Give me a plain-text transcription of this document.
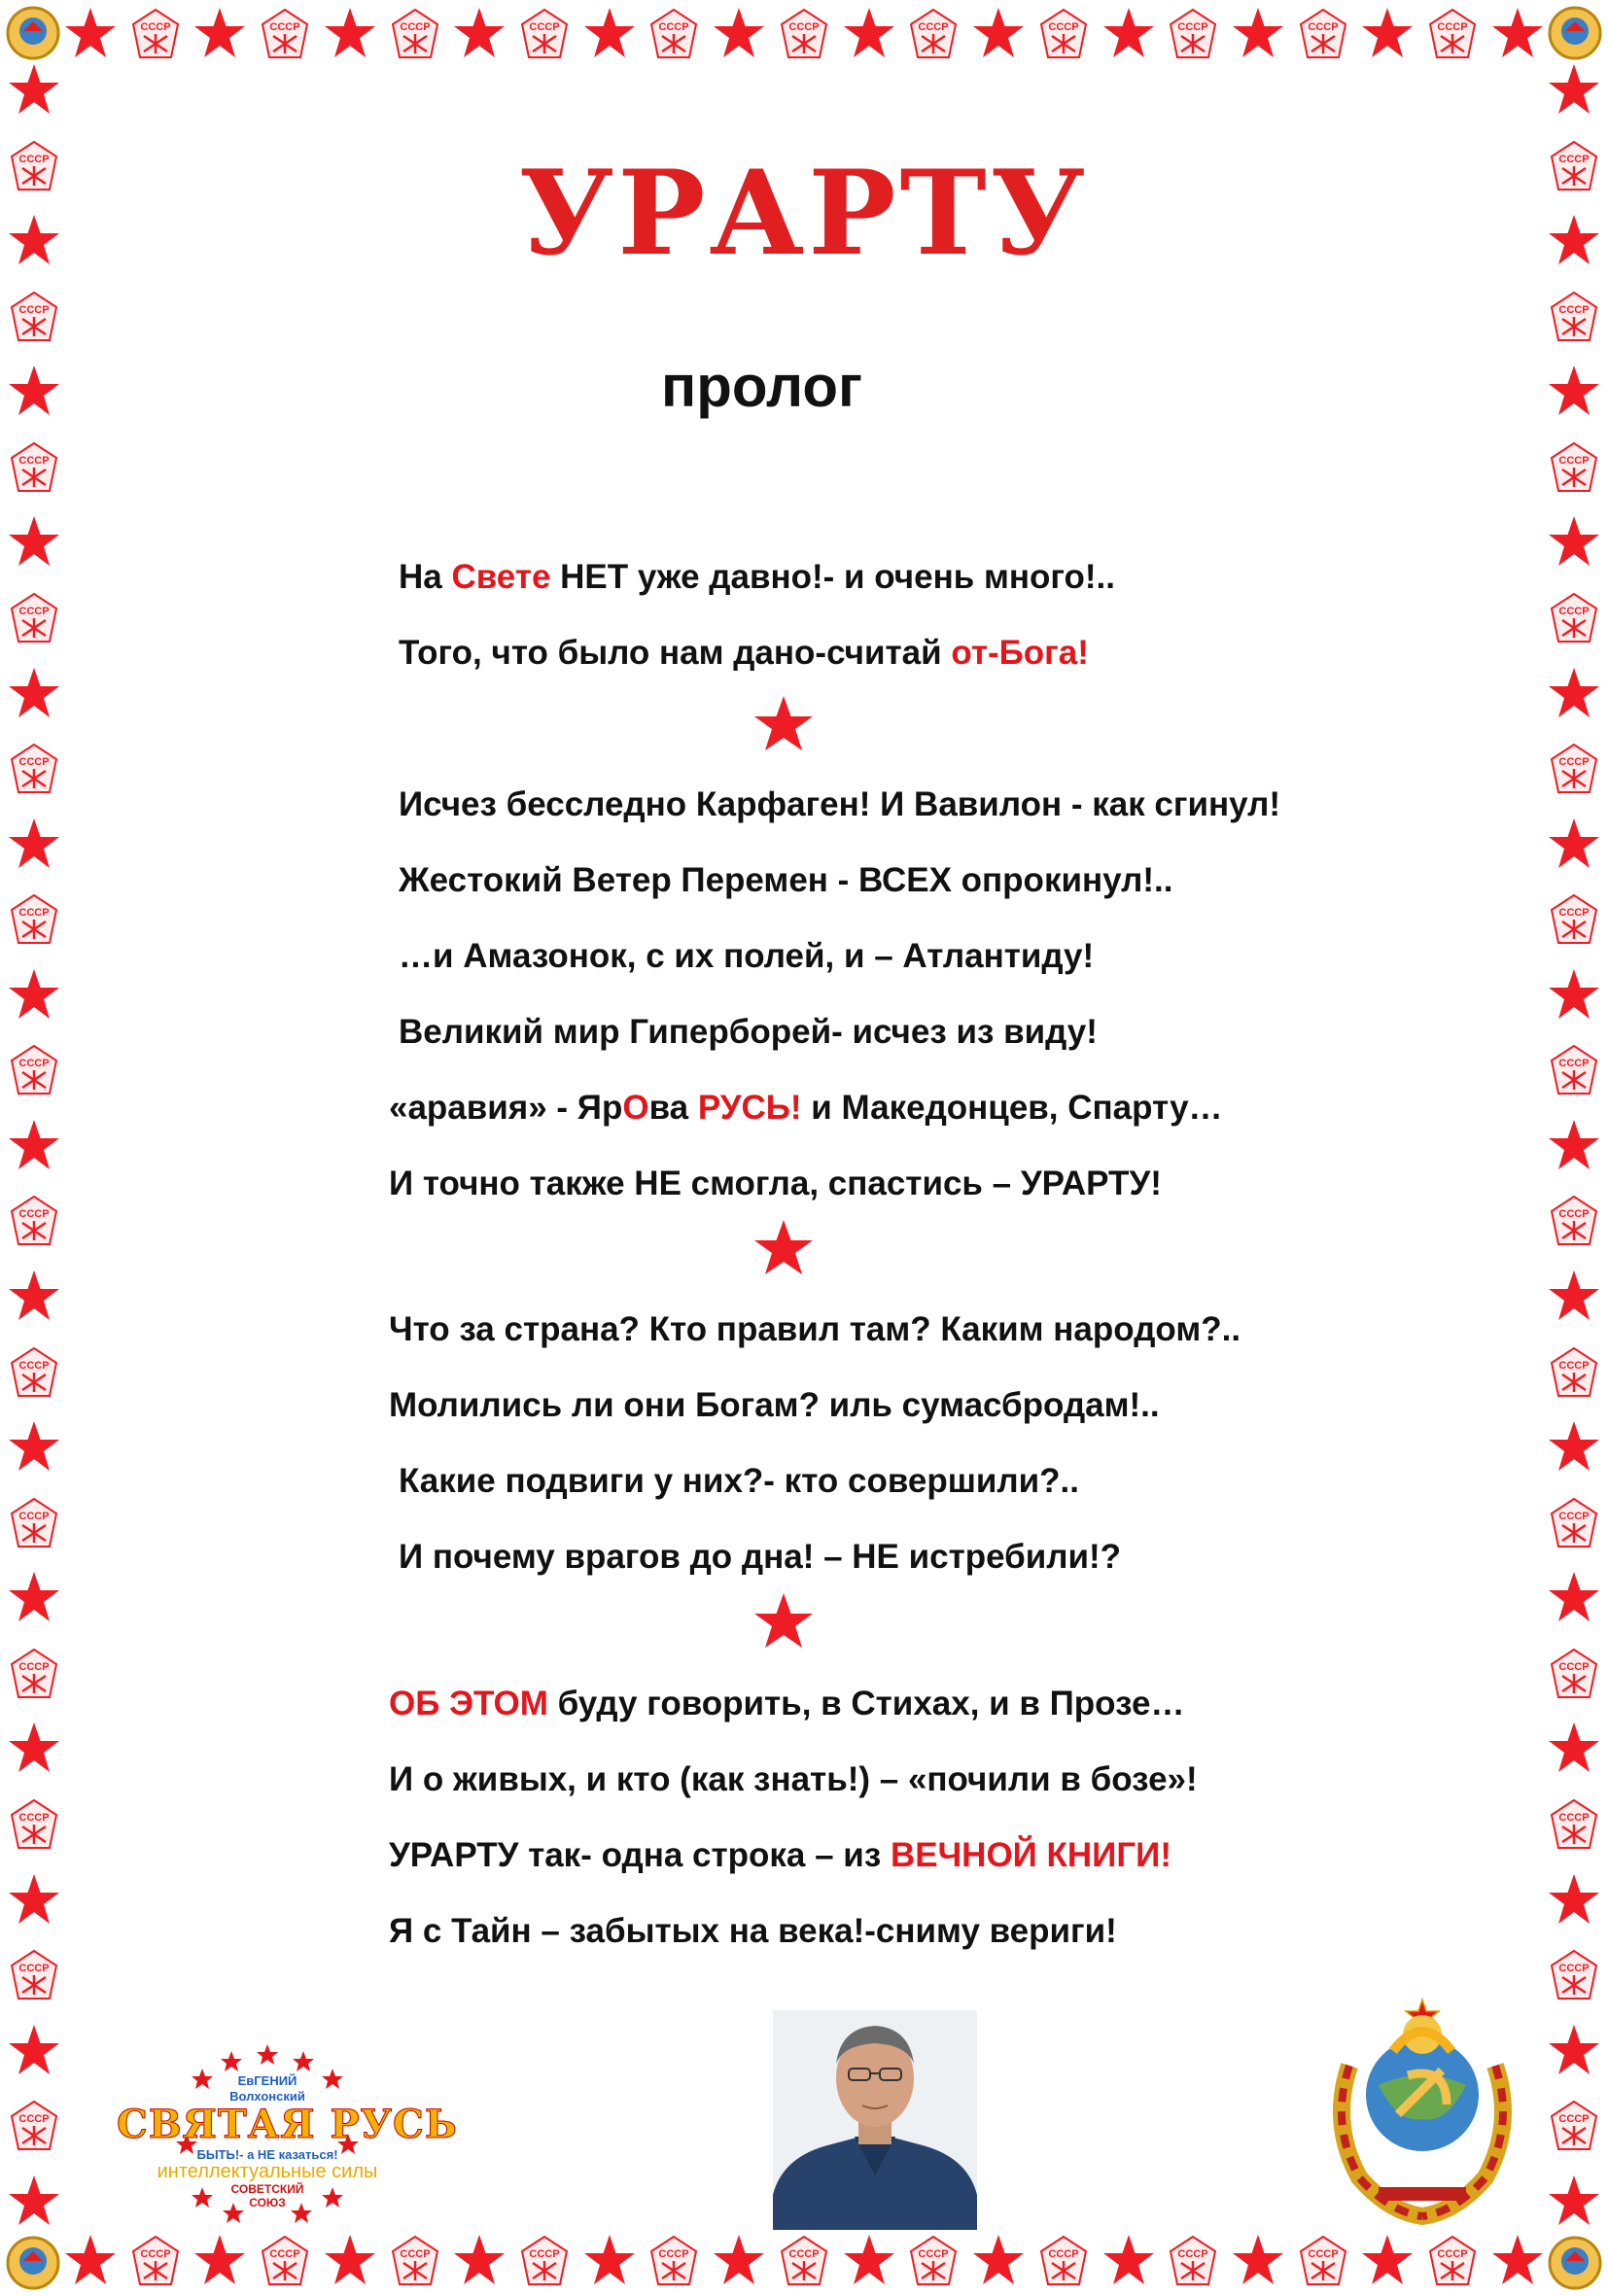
СССР	СССР	СССР	СССР	СССР	СССР	СССР	СССР	СССР	СССР	СССР
СССР	СССР	СССР	СССР	СССР	СССР	СССР	СССР	СССР	СССР	СССР
СССР
СССР
СССР
СССР
СССР
СССР
СССР
СССР
СССР
СССР
СССР
СССР
СССР
СССР
СССР
СССР
СССР
СССР
СССР
СССР
СССР
СССР
СССР
СССР
СССР
СССР
СССР
СССР
УРАРТУ
пролог
На Свете НЕТ уже давно!- и очень много!..
Того, что было нам дано-считай от-Бога!
Исчез бесследно Карфаген! И Вавилон - как сгинул!
Жестокий Ветер Перемен - ВСЕХ опрокинул!..
…и Амазонок, с их полей, и – Атлантиду!
Великий мир Гиперборей- исчез из виду!
«аравия» - ЯрОва РУСЬ! и Македонцев, Спарту…
И точно также НЕ смогла, спастись – УРАРТУ!
Что за страна? Кто правил там? Каким народом?..
Молились ли они Богам? иль сумасбродам!..
Какие подвиги у них?- кто совершили?..
И почему врагов до дна! – НЕ истребили!?
ОБ ЭТОМ буду говорить, в Стихах, и в Прозе…
И о живых, и кто (как знать!) – «почили в бозе»!
УРАРТУ так- одна строка – из ВЕЧНОЙ КНИГИ!
Я с Тайн – забытых на века!-сниму вериги!
ЕвГЕНИЙ
Волхонский
СВЯТАЯ РУСЬ
БЫТЬ!- а НЕ казаться!
интеллектуальные силы
СОВЕТСКИЙ
СОЮЗ
